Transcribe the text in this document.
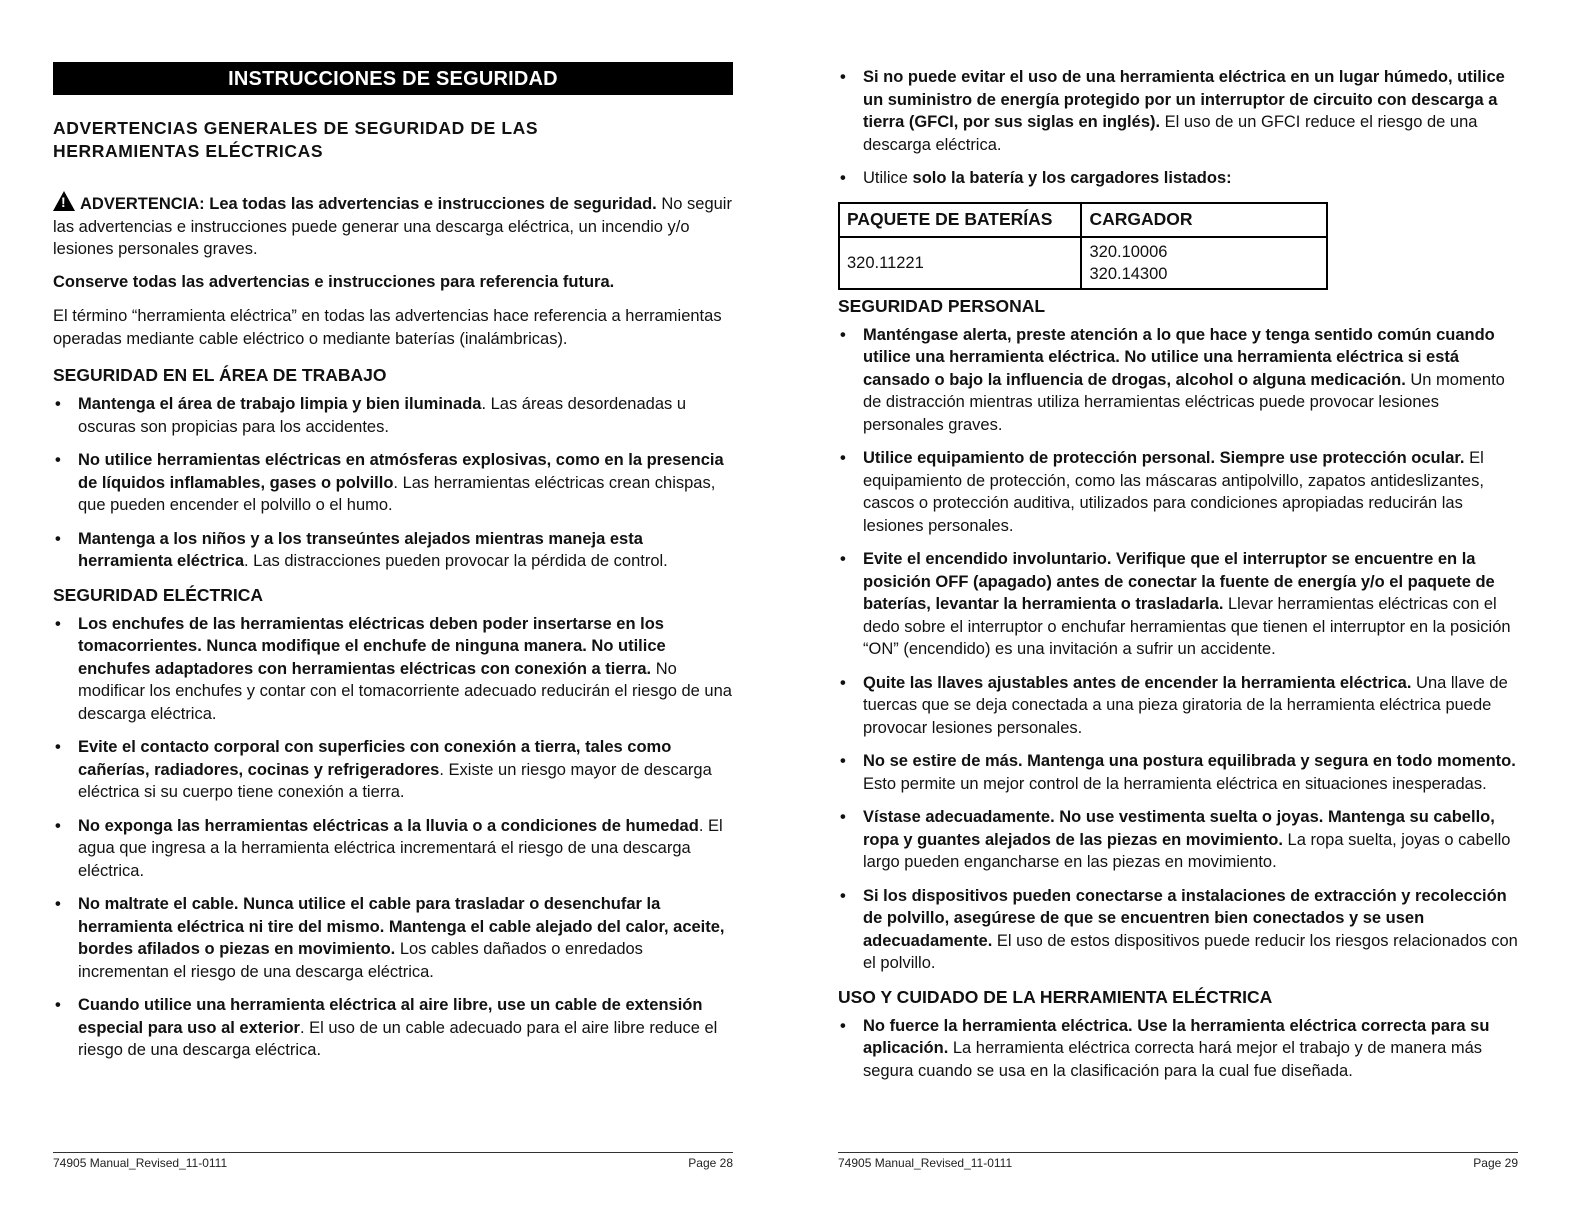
INSTRUCCIONES DE SEGURIDAD
ADVERTENCIAS GENERALES DE SEGURIDAD DE LAS
HERRAMIENTAS ELÉCTRICAS

!ADVERTENCIA: Lea todas las advertencias e instrucciones de seguridad. No seguir las advertencias e instrucciones puede generar una descarga eléctrica, un incendio y/o lesiones personales graves.

Conserve todas las advertencias e instrucciones para referencia futura.

El término “herramienta eléctrica” en todas las advertencias hace referencia a herramientas operadas mediante cable eléctrico o mediante baterías (inalámbricas).

SEGURIDAD EN EL ÁREA DE TRABAJO
• Mantenga el área de trabajo limpia y bien iluminada. Las áreas desordenadas u oscuras son propicias para los accidentes.
• No utilice herramientas eléctricas en atmósferas explosivas, como en la presencia de líquidos inflamables, gases o polvillo. Las herramientas eléctricas crean chispas, que pueden encender el polvillo o el humo.
• Mantenga a los niños y a los transeúntes alejados mientras maneja esta herramienta eléctrica. Las distracciones pueden provocar la pérdida de control.
SEGURIDAD ELÉCTRICA
• Los enchufes de las herramientas eléctricas deben poder insertarse en los tomacorrientes. Nunca modifique el enchufe de ninguna manera. No utilice enchufes adaptadores con herramientas eléctricas con conexión a tierra. No modificar los enchufes y contar con el tomacorriente adecuado reducirán el riesgo de una descarga eléctrica.
• Evite el contacto corporal con superficies con conexión a tierra, tales como cañerías, radiadores, cocinas y refrigeradores. Existe un riesgo mayor de descarga eléctrica si su cuerpo tiene conexión a tierra.
• No exponga las herramientas eléctricas a la lluvia o a condiciones de humedad. El agua que ingresa a la herramienta eléctrica incrementará el riesgo de una descarga eléctrica.
• No maltrate el cable. Nunca utilice el cable para trasladar o desenchufar la herramienta eléctrica ni tire del mismo. Mantenga el cable alejado del calor, aceite, bordes afilados o piezas en movimiento. Los cables dañados o enredados incrementan el riesgo de una descarga eléctrica.
• Cuando utilice una herramienta eléctrica al aire libre, use un cable de extensión especial para uso al exterior. El uso de un cable adecuado para el aire libre reduce el riesgo de una descarga eléctrica.
74905 Manual_Revised_11-0111	Page 28
• Si no puede evitar el uso de una herramienta eléctrica en un lugar húmedo, utilice un suministro de energía protegido por un interruptor de circuito con descarga a tierra (GFCI, por sus siglas en inglés). El uso de un GFCI reduce el riesgo de una descarga eléctrica.
• Utilice solo la batería y los cargadores listados:
PAQUETE DE BATERÍAS	CARGADOR
320.11221	320.10006
320.14300
SEGURIDAD PERSONAL
• Manténgase alerta, preste atención a lo que hace y tenga sentido común cuando utilice una herramienta eléctrica. No utilice una herramienta eléctrica si está cansado o bajo la influencia de drogas, alcohol o alguna medicación. Un momento de distracción mientras utiliza herramientas eléctricas puede provocar lesiones personales graves.
• Utilice equipamiento de protección personal. Siempre use protección ocular. El equipamiento de protección, como las máscaras antipolvillo, zapatos antideslizantes, cascos o protección auditiva, utilizados para condiciones apropiadas reducirán las lesiones personales.
• Evite el encendido involuntario. Verifique que el interruptor se encuentre en la posición OFF (apagado) antes de conectar la fuente de energía y/o el paquete de baterías, levantar la herramienta o trasladarla. Llevar herramientas eléctricas con el dedo sobre el interruptor o enchufar herramientas que tienen el interruptor en la posición “ON” (encendido) es una invitación a sufrir un accidente.
• Quite las llaves ajustables antes de encender la herramienta eléctrica. Una llave de tuercas que se deja conectada a una pieza giratoria de la herramienta eléctrica puede provocar lesiones personales.
• No se estire de más. Mantenga una postura equilibrada y segura en todo momento. Esto permite un mejor control de la herramienta eléctrica en situaciones inesperadas.
• Vístase adecuadamente. No use vestimenta suelta o joyas. Mantenga su cabello, ropa y guantes alejados de las piezas en movimiento. La ropa suelta, joyas o cabello largo pueden engancharse en las piezas en movimiento.
• Si los dispositivos pueden conectarse a instalaciones de extracción y recolección de polvillo, asegúrese de que se encuentren bien conectados y se usen adecuadamente. El uso de estos dispositivos puede reducir los riesgos relacionados con el polvillo.
USO Y CUIDADO DE LA HERRAMIENTA ELÉCTRICA
• No fuerce la herramienta eléctrica. Use la herramienta eléctrica correcta para su aplicación. La herramienta eléctrica correcta hará mejor el trabajo y de manera más segura cuando se usa en la clasificación para la cual fue diseñada.
74905 Manual_Revised_11-0111	Page 29
